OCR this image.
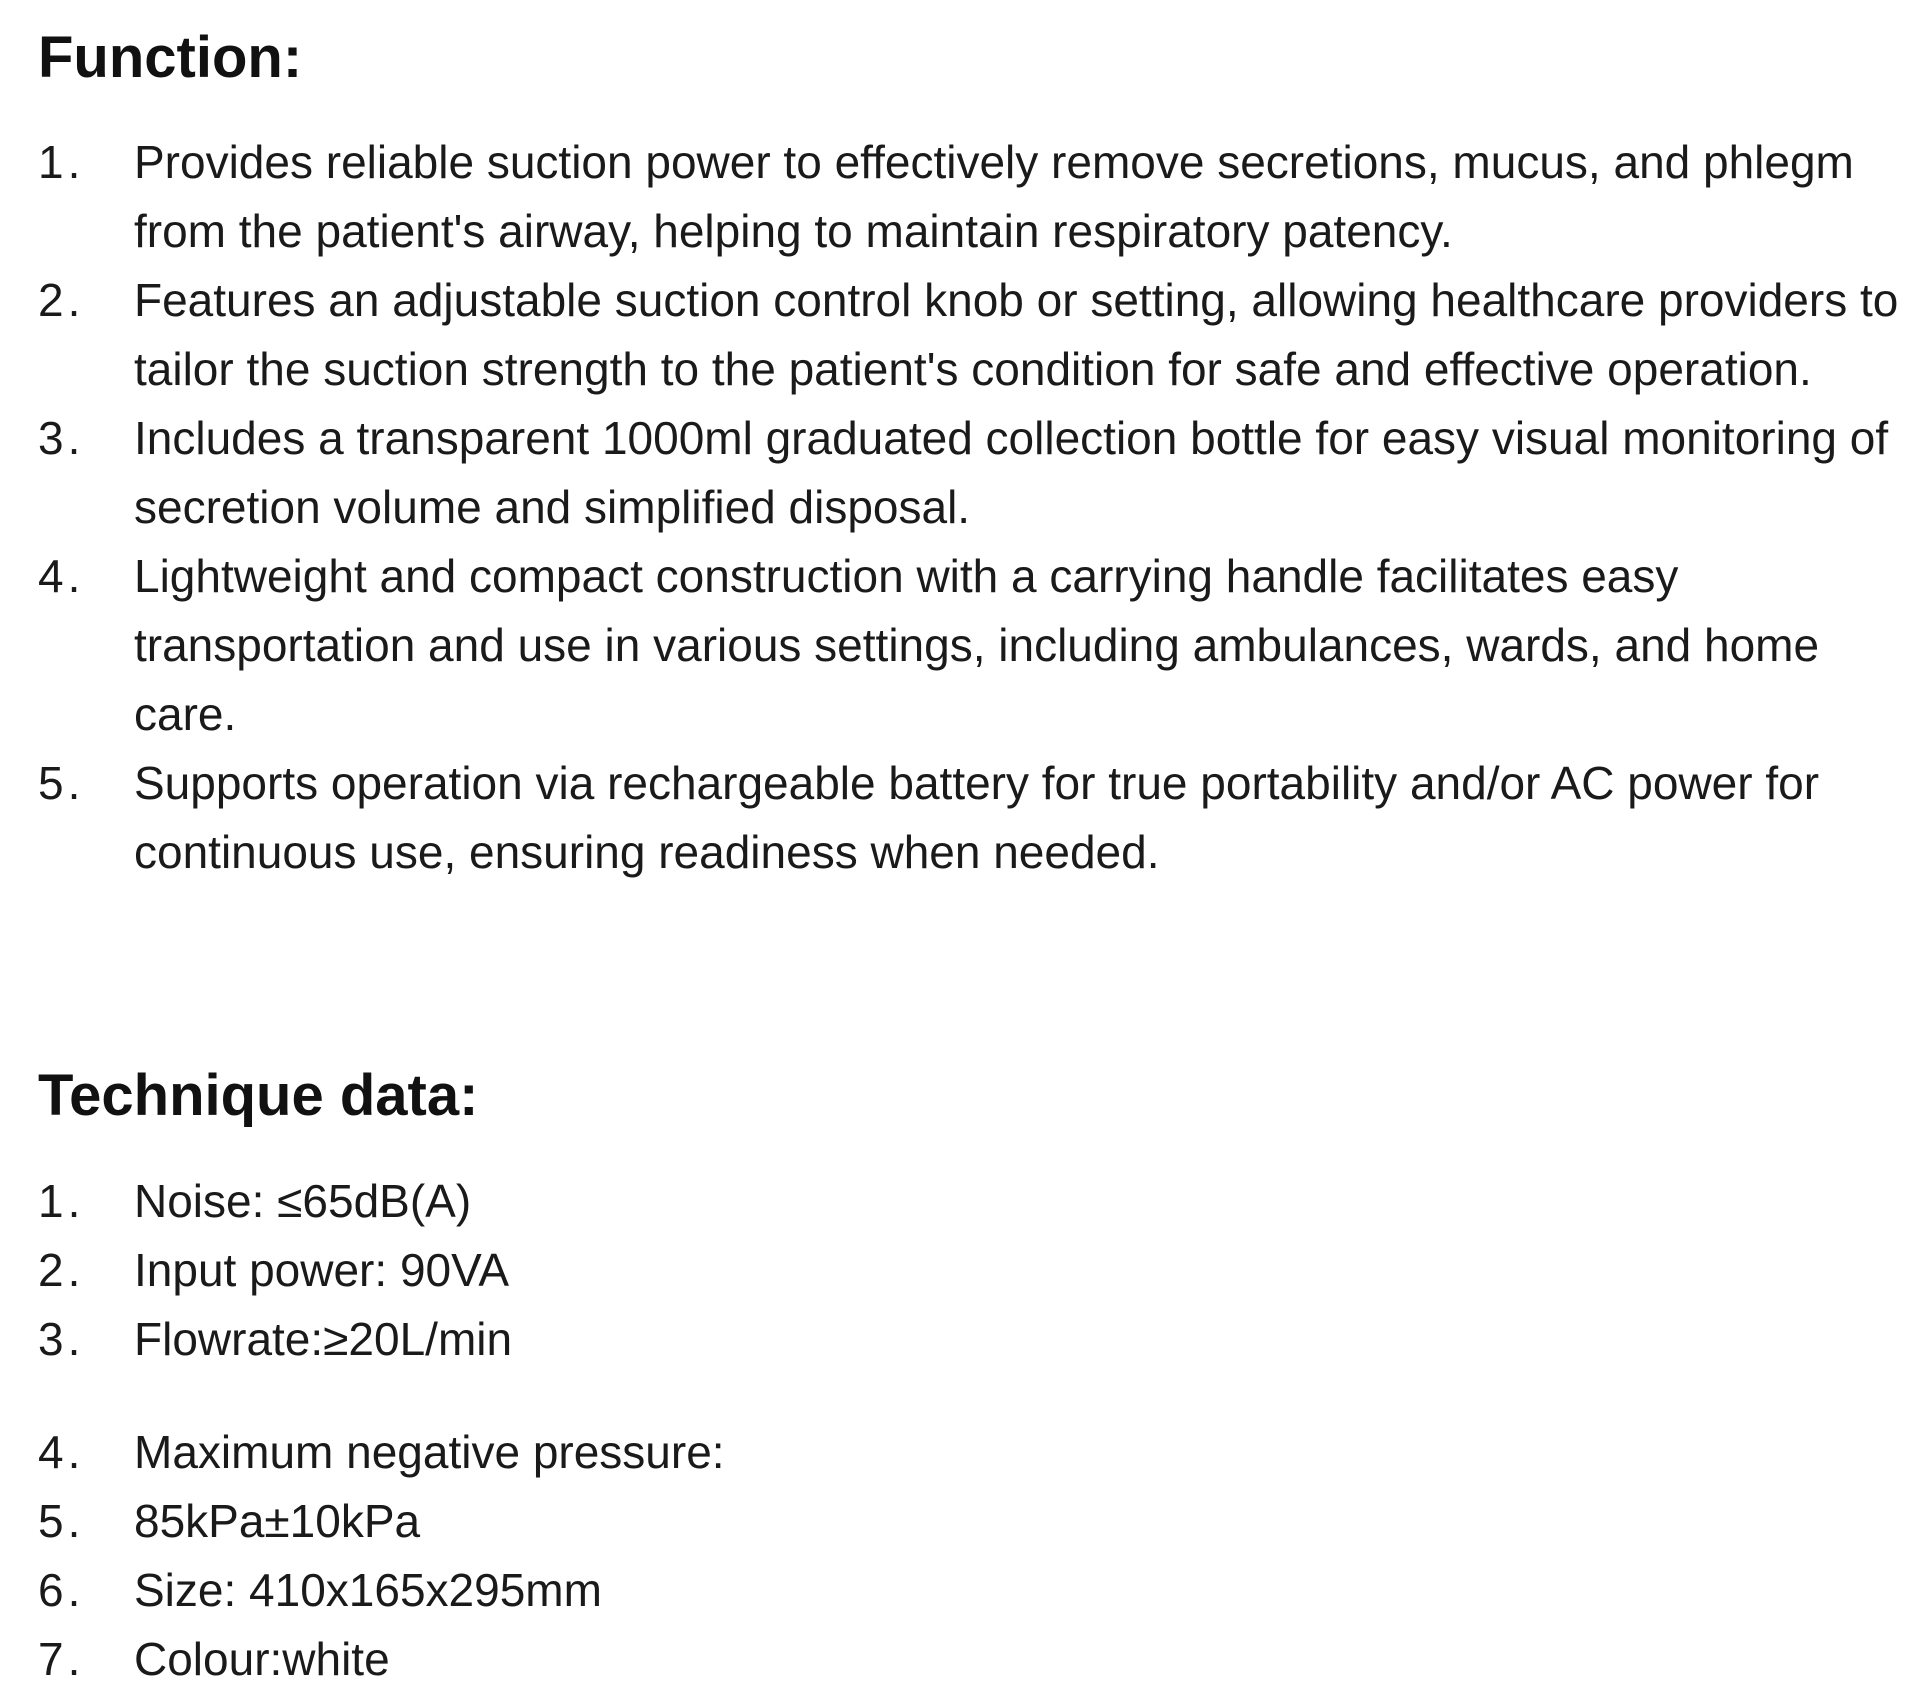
Function:
1.	Provides reliable suction power to effectively remove secretions, mucus, and phlegm from the patient's airway, helping to maintain respiratory patency.
2.	Features an adjustable suction control knob or setting, allowing healthcare providers to tailor the suction strength to the patient's condition for safe and effective operation.
3.	Includes a transparent 1000ml graduated collection bottle for easy visual monitoring of secretion volume and simplified disposal.
4.	Lightweight and compact construction with a carrying handle facilitates easy transportation and use in various settings, including ambulances, wards, and home care.
5.	Supports operation via rechargeable battery for true portability and/or AC power for continuous use, ensuring readiness when needed.
Technique data:
1.	Noise: ≤65dB(A)
2.	Input power: 90VA
3.	Flowrate:≥20L/min
4.	Maximum negative pressure:
5.	85kPa±10kPa
6.	Size: 410x165x295mm
7.	Colour:white
